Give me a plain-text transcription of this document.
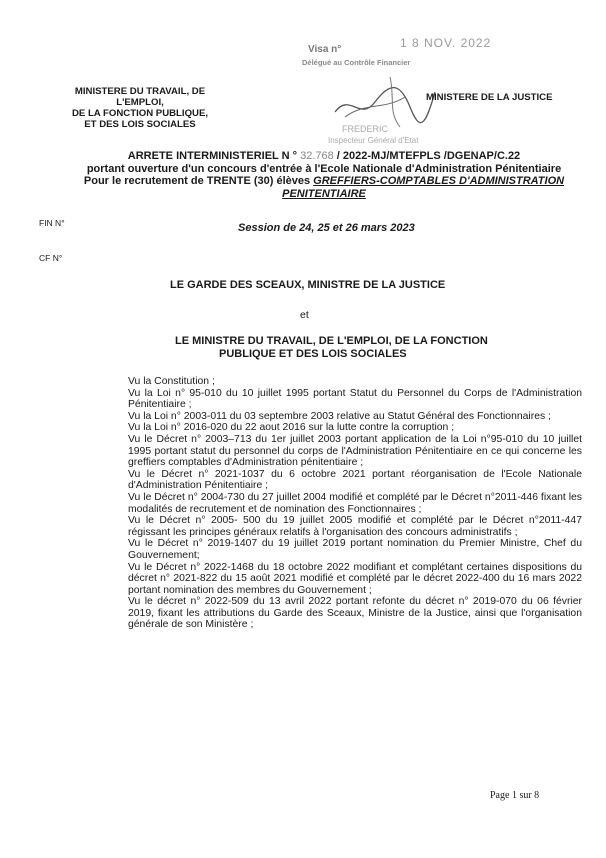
Visa n°	1 8 NOV. 2022
Délégué au Contrôle Financier
FREDERIC
Inspecteur Général d'Etat
MINISTERE DU TRAVAIL, DE L'EMPLOI,
DE LA FONCTION PUBLIQUE,
ET DES LOIS SOCIALES
MINISTERE DE LA JUSTICE
ARRETE INTERMINISTERIEL N ° 32.768 / 2022-MJ/MTEFPLS /DGENAP/C.22
portant ouverture d'un concours d'entrée à l'Ecole Nationale d'Administration Pénitentiaire
Pour le recrutement de TRENTE (30) élèves GREFFIERS-COMPTABLES D'ADMINISTRATION
PENITENTIAIRE
FIN N°	Session de 24, 25 et 26 mars 2023
CF N°
LE GARDE DES SCEAUX, MINISTRE DE LA JUSTICE
et
LE MINISTRE DU TRAVAIL, DE L'EMPLOI, DE LA FONCTION
PUBLIQUE ET DES LOIS SOCIALES

Vu la Constitution ;

Vu la Loi n° 95-010 du 10 juillet 1995 portant Statut du Personnel du Corps de l'Administration Pénitentiaire ;

Vu la Loi n° 2003-011 du 03 septembre 2003 relative au Statut Général des Fonctionnaires ;

Vu la Loi n° 2016-020 du 22 aout 2016 sur la lutte contre la corruption ;

Vu le Décret n° 2003–713 du 1er juillet 2003 portant application de la Loi n°95-010 du 10 juillet 1995 portant statut du personnel du corps de l'Administration Pénitentiaire en ce qui concerne les greffiers comptables d'Administration pénitentiaire ;

Vu le Décret n° 2021-1037 du 6 octobre 2021 portant réorganisation de l'Ecole Nationale d'Administration Pénitentiaire ;

Vu le Décret n° 2004-730 du 27 juillet 2004 modifié et complété par le Décret n°2011-446 fixant les modalités de recrutement et de nomination des Fonctionnaires ;

Vu le Décret n° 2005- 500 du 19 juillet 2005 modifié et complété par le Décret n°2011-447 régissant les principes généraux relatifs à l'organisation des concours administratifs ;

Vu le Décret n° 2019-1407 du 19 juillet 2019 portant nomination du Premier Ministre, Chef du Gouvernement;

Vu le Décret n° 2022-1468 du 18 octobre 2022 modifiant et complétant certaines dispositions du décret n° 2021-822 du 15 août 2021 modifié et complété par le décret 2022-400 du 16 mars 2022 portant nomination des membres du Gouvernement ;

Vu le décret n° 2022-509 du 13 avril 2022 portant refonte du décret n° 2019-070 du 06 février 2019, fixant les attributions du Garde des Sceaux, Ministre de la Justice, ainsi que l'organisation générale de son Ministère ;

Page 1 sur 8
